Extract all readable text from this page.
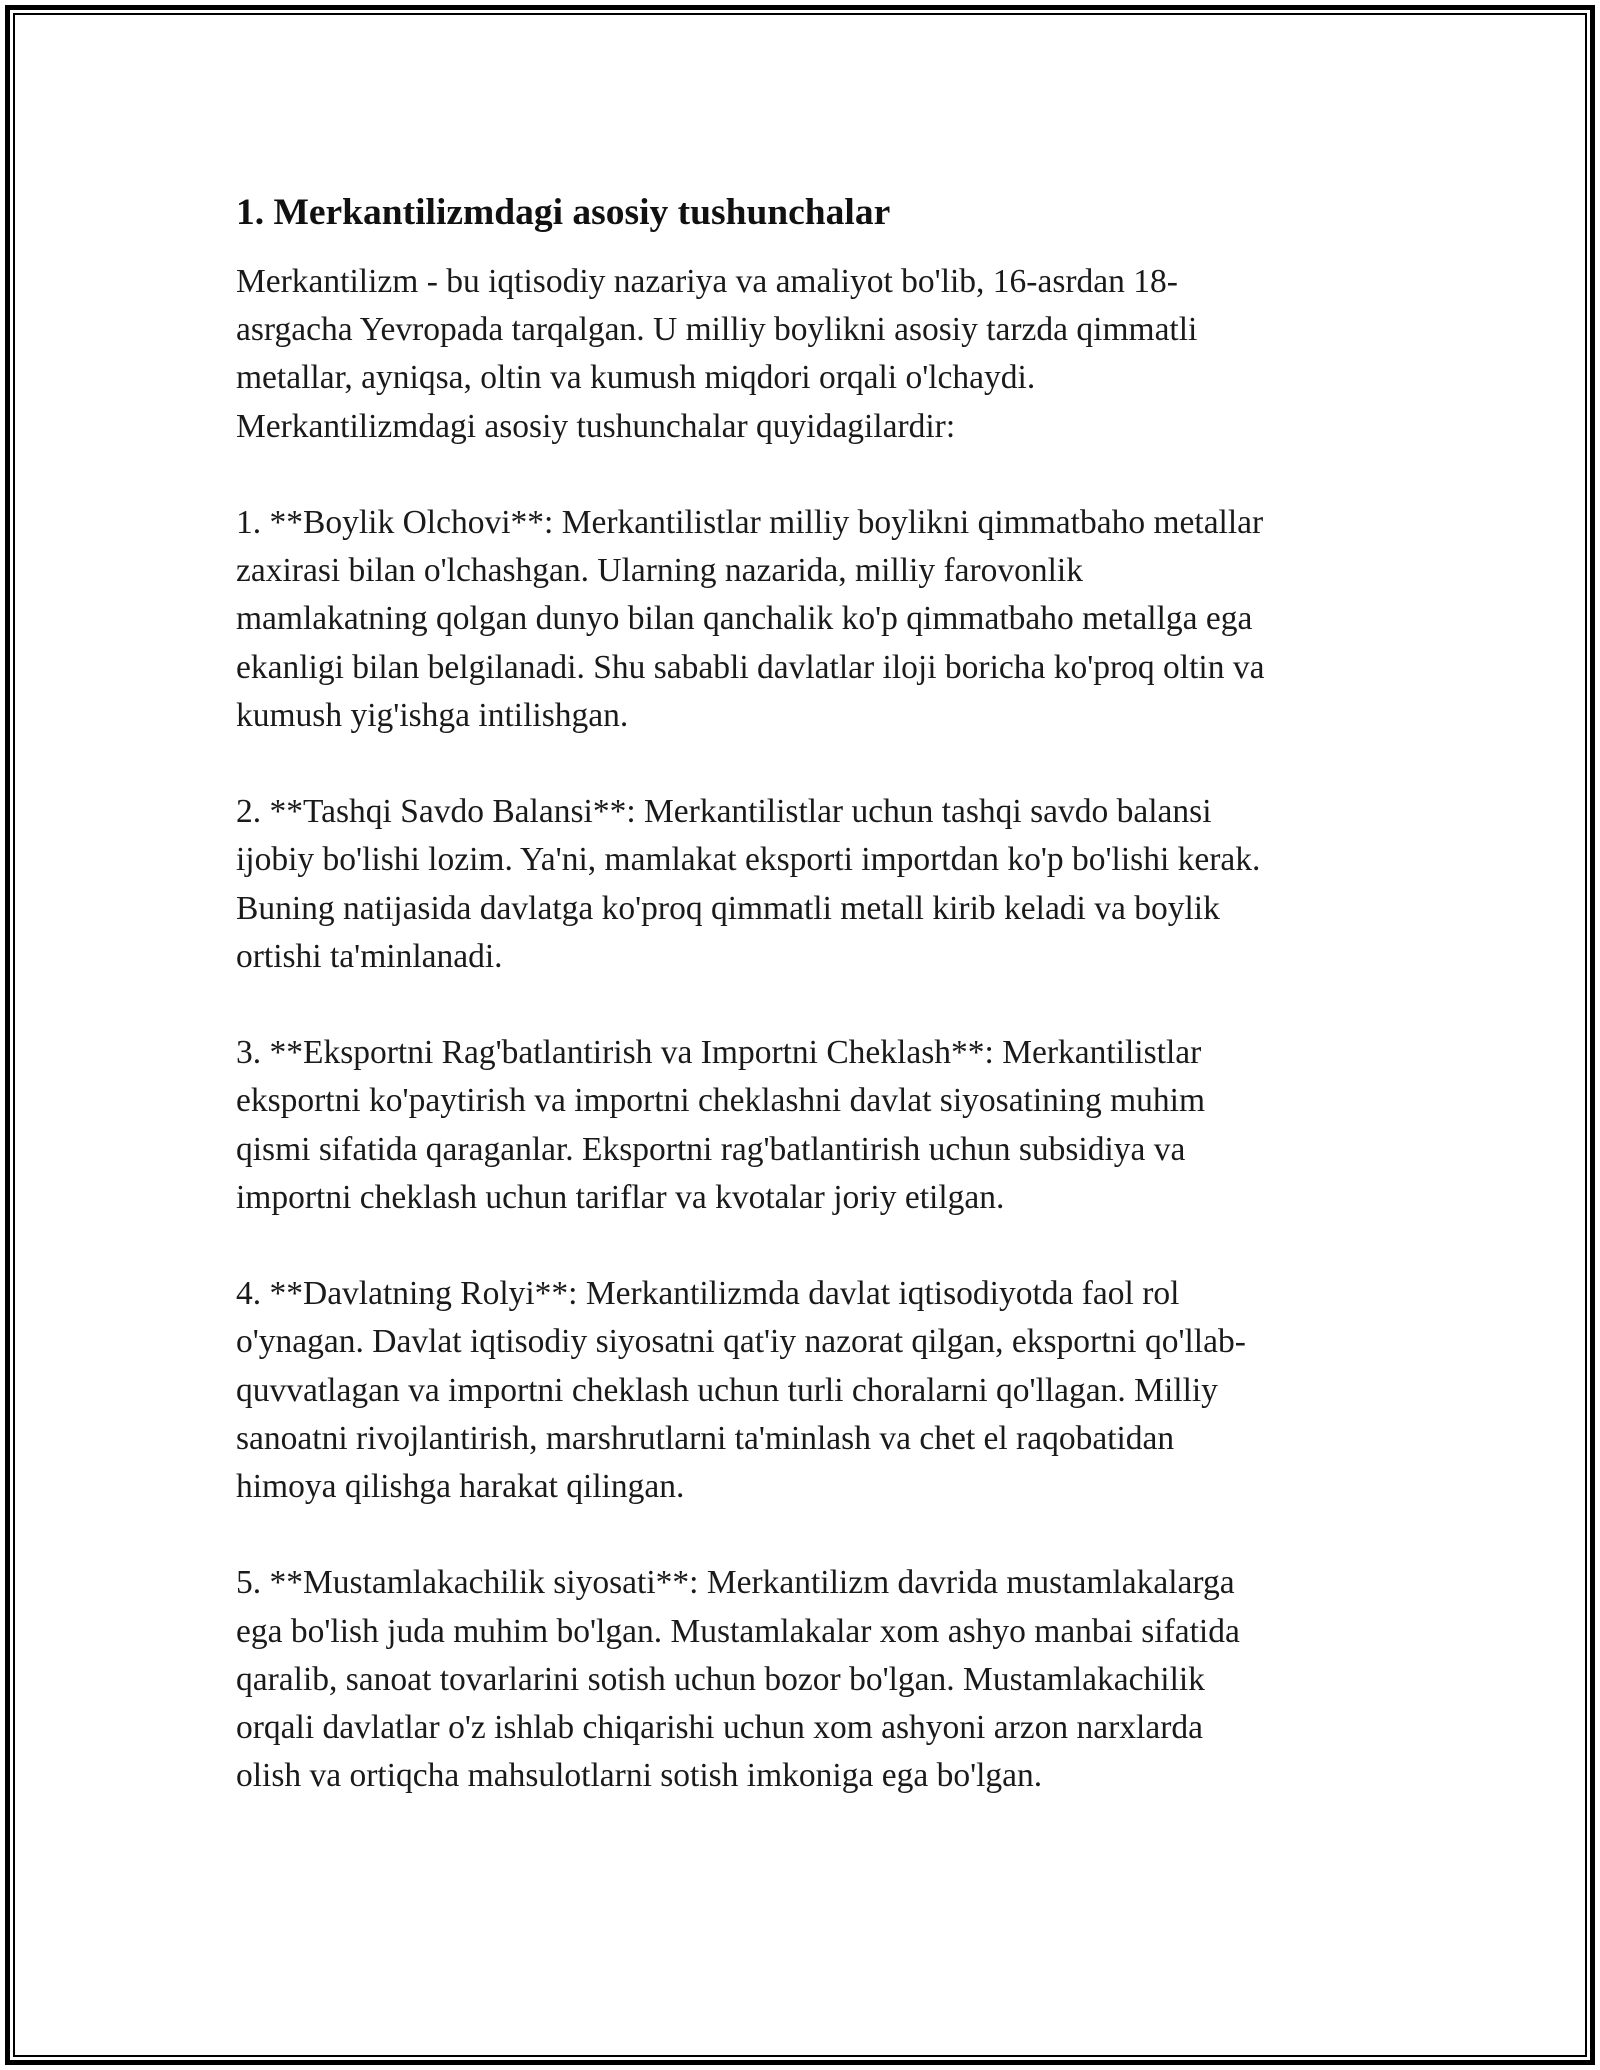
1. Merkantilizmdagi asosiy tushunchalar

Merkantilizm - bu iqtisodiy nazariya va amaliyot bo'lib, 16-asrdan 18-
asrgacha Yevropada tarqalgan. U milliy boylikni asosiy tarzda qimmatli
metallar, ayniqsa, oltin va kumush miqdori orqali o'lchaydi.
Merkantilizmdagi asosiy tushunchalar quyidagilardir:

1. **Boylik Olchovi**: Merkantilistlar milliy boylikni qimmatbaho metallar
zaxirasi bilan o'lchashgan. Ularning nazarida, milliy farovonlik
mamlakatning qolgan dunyo bilan qanchalik ko'p qimmatbaho metallga ega
ekanligi bilan belgilanadi. Shu sababli davlatlar iloji boricha ko'proq oltin va
kumush yig'ishga intilishgan.

2. **Tashqi Savdo Balansi**: Merkantilistlar uchun tashqi savdo balansi
ijobiy bo'lishi lozim. Ya'ni, mamlakat eksporti importdan ko'p bo'lishi kerak.
Buning natijasida davlatga ko'proq qimmatli metall kirib keladi va boylik
ortishi ta'minlanadi.

3. **Eksportni Rag'batlantirish va Importni Cheklash**: Merkantilistlar
eksportni ko'paytirish va importni cheklashni davlat siyosatining muhim
qismi sifatida qaraganlar. Eksportni rag'batlantirish uchun subsidiya va
importni cheklash uchun tariflar va kvotalar joriy etilgan.

4. **Davlatning Rolyi**: Merkantilizmda davlat iqtisodiyotda faol rol
o'ynagan. Davlat iqtisodiy siyosatni qat'iy nazorat qilgan, eksportni qo'llab-
quvvatlagan va importni cheklash uchun turli choralarni qo'llagan. Milliy
sanoatni rivojlantirish, marshrutlarni ta'minlash va chet el raqobatidan
himoya qilishga harakat qilingan.

5. **Mustamlakachilik siyosati**: Merkantilizm davrida mustamlakalarga
ega bo'lish juda muhim bo'lgan. Mustamlakalar xom ashyo manbai sifatida
qaralib, sanoat tovarlarini sotish uchun bozor bo'lgan. Mustamlakachilik
orqali davlatlar o'z ishlab chiqarishi uchun xom ashyoni arzon narxlarda
olish va ortiqcha mahsulotlarni sotish imkoniga ega bo'lgan.
